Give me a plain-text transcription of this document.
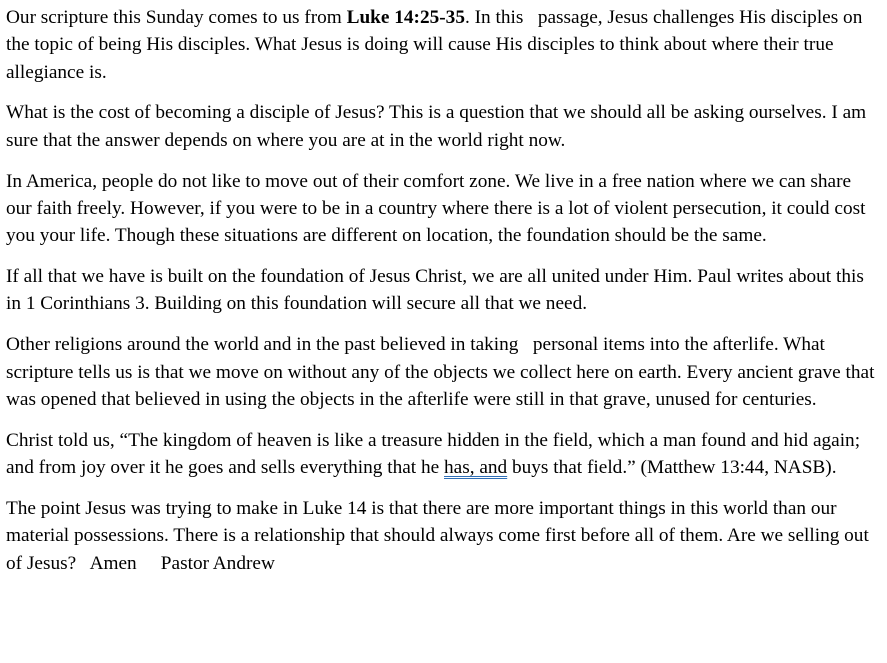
Our scripture this Sunday comes to us from Luke 14:25-35. In this passage, Jesus challenges His disciples on the topic of being His disciples. What Jesus is doing will cause His disciples to think about where their true allegiance is.

What is the cost of becoming a disciple of Jesus? This is a question that we should all be asking ourselves. I am sure that the answer depends on where you are at in the world right now.

In America, people do not like to move out of their comfort zone. We live in a free nation where we can share our faith freely. However, if you were to be in a country where there is a lot of violent persecution, it could cost you your life. Though these situations are different on location, the foundation should be the same.

If all that we have is built on the foundation of Jesus Christ, we are all united under Him. Paul writes about this in 1 Corinthians 3. Building on this foundation will secure all that we need.

Other religions around the world and in the past believed in taking personal items into the afterlife. What scripture tells us is that we move on without any of the objects we collect here on earth. Every ancient grave that was opened that believed in using the objects in the afterlife were still in that grave, unused for centuries.

Christ told us, “The kingdom of heaven is like a treasure hidden in the field, which a man found and hid again; and from joy over it he goes and sells everything that he has, and buys that field.” (Matthew 13:44, NASB).

The point Jesus was trying to make in Luke 14 is that there are more important things in this world than our material possessions. There is a relationship that should always come first before all of them. Are we selling out of Jesus? Amen Pastor Andrew
